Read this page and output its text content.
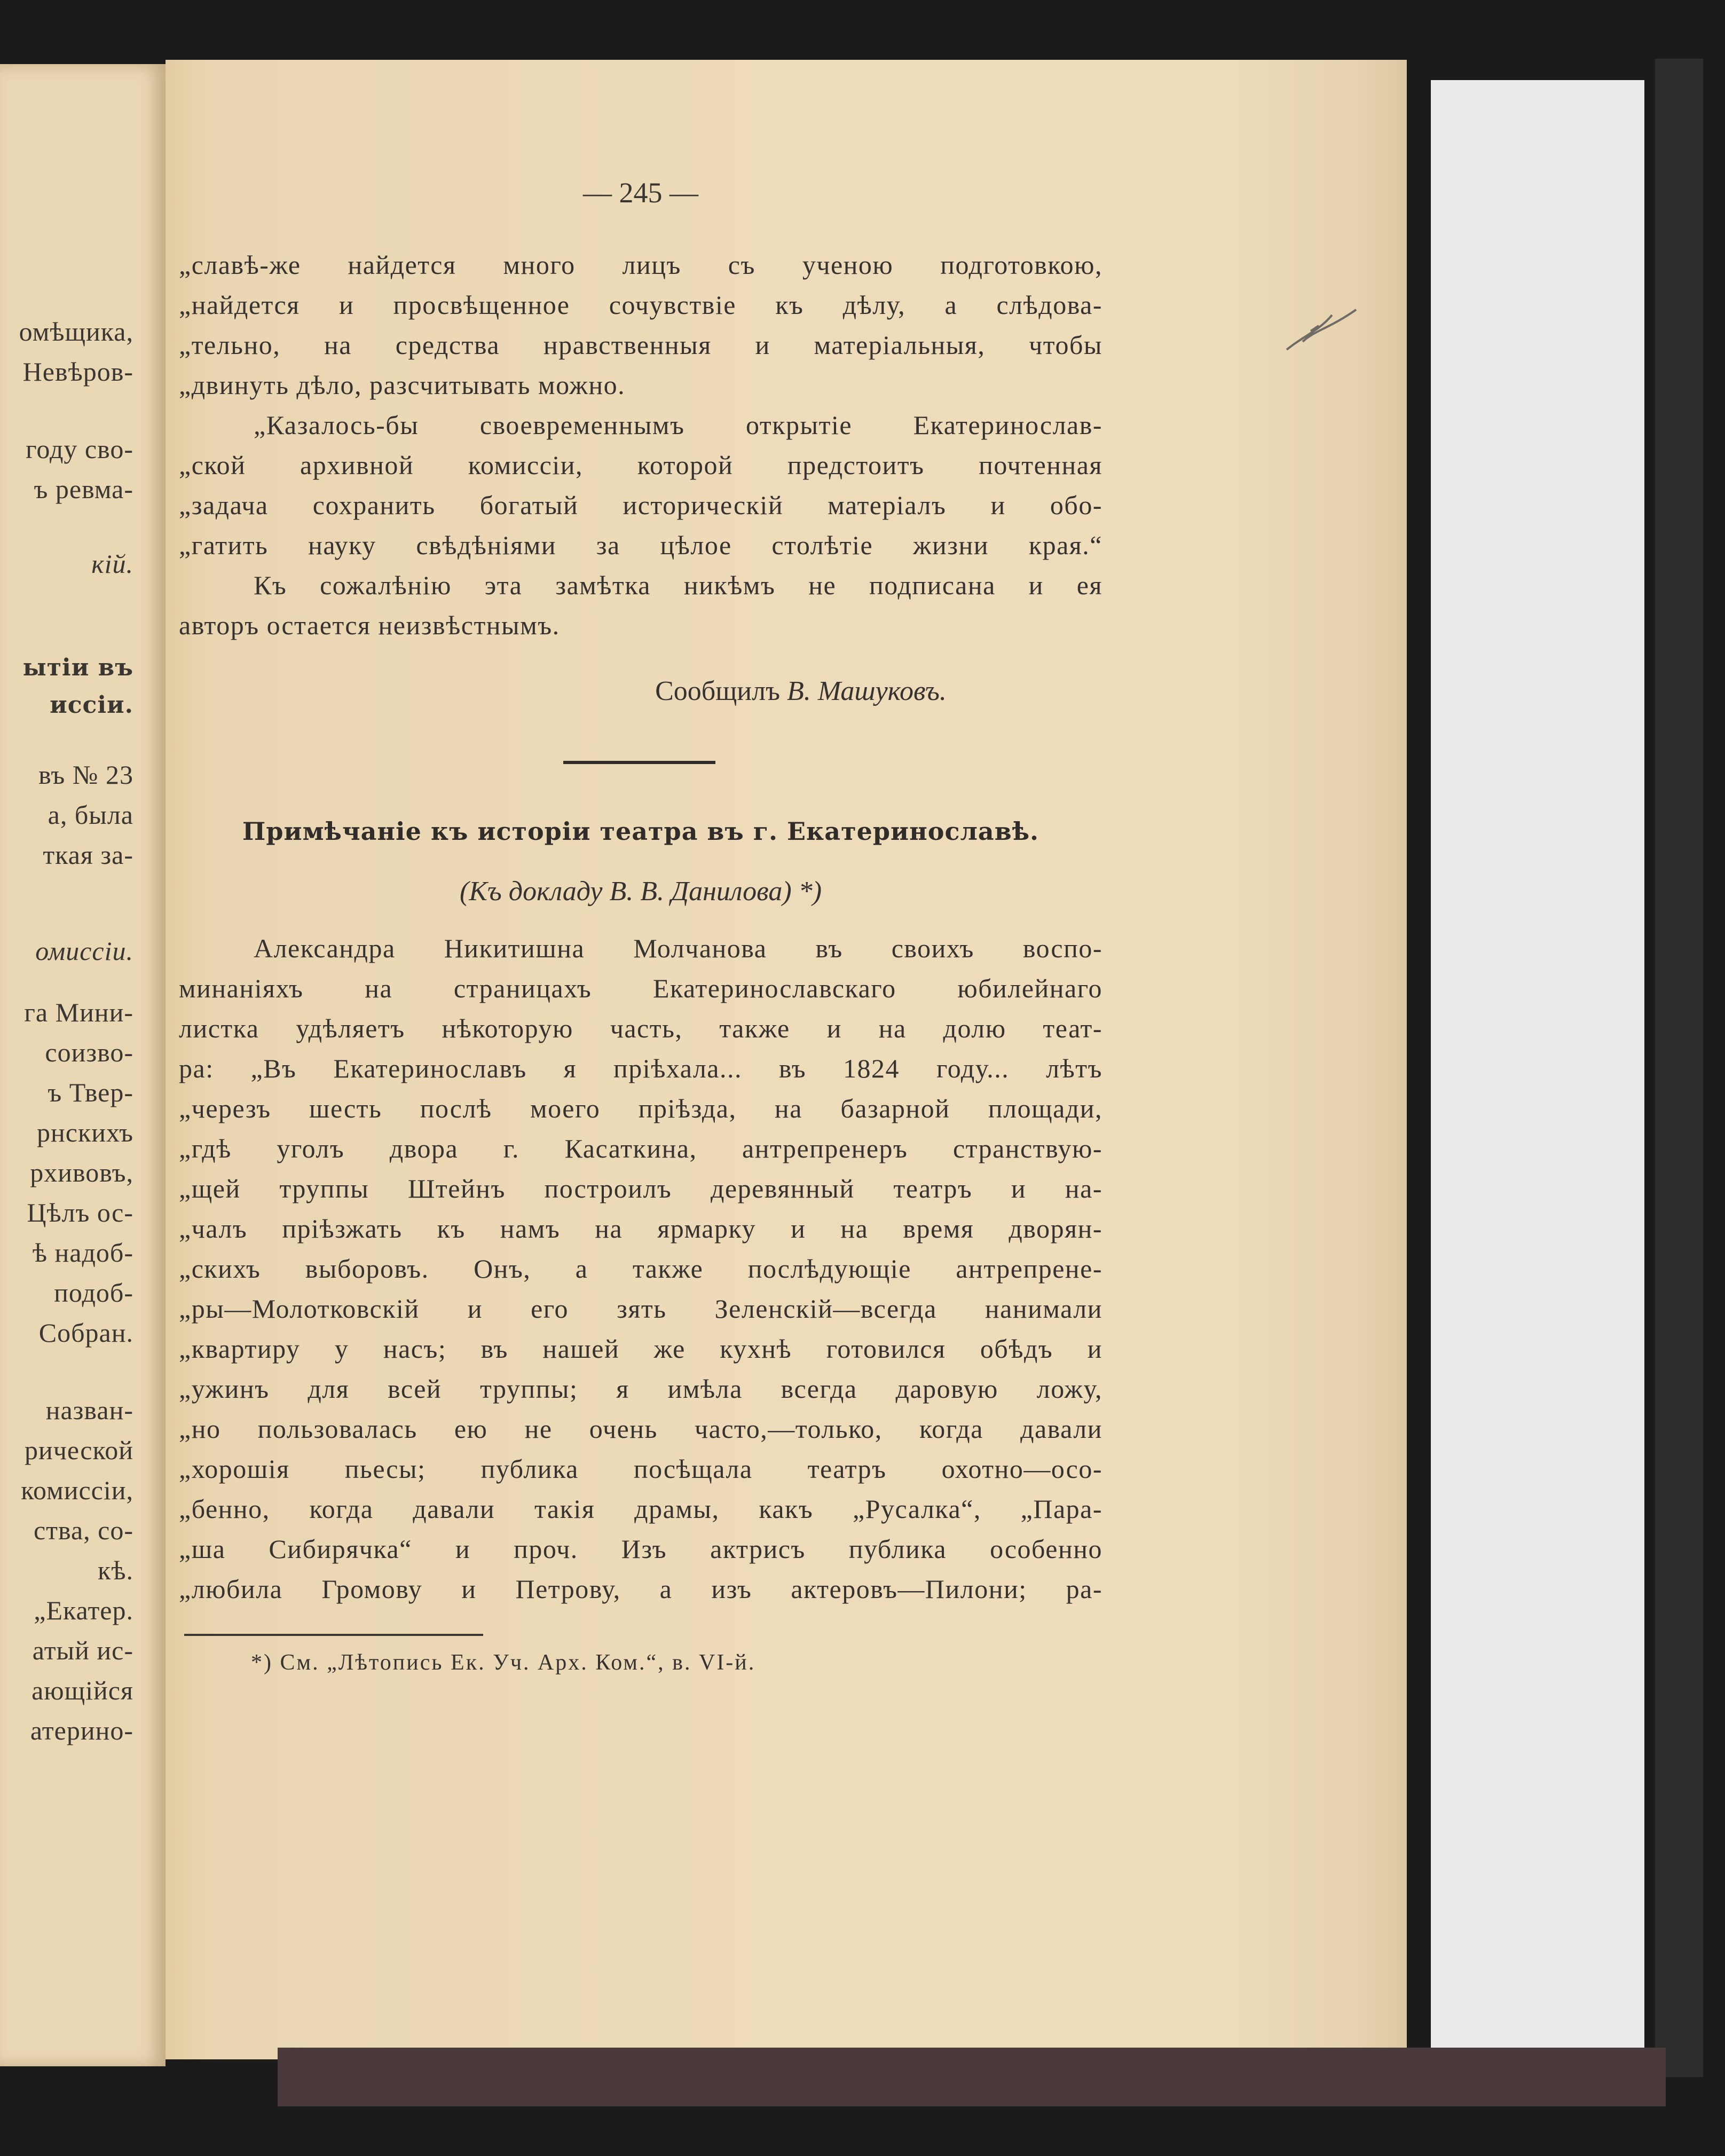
омѣщика,
Невѣров-
году сво-
ъ ревма-
кій.
ытіи въ
иссіи.
въ № 23
а, была
ткая за-
омиссіи.
га Мини-
соизво-
ъ Твер-
рнскихъ
рхивовъ,
Цѣлъ ос-
ѣ надоб-
подоб-
Собран.
назван-
рической
комиссіи,
ства, со-
кѣ.
„Екатер.
атый ис-
ающійся
атерино-
— 245 —
„славѣ-же найдется много лицъ съ ученою подготовкою,
„найдется и просвѣщенное сочувствіе къ дѣлу, а слѣдова-
„тельно, на средства нравственныя и матеріальныя, чтобы
„двинуть дѣло, разсчитывать можно.
„Казалось-бы своевременнымъ открытіе Екатеринослав-
„ской архивной комиссіи, которой предстоитъ почтенная
„задача сохранить богатый историческій матеріалъ и обо-
„гатить науку свѣдѣніями за цѣлое столѣтіе жизни края.“
Къ сожалѣнію эта замѣтка никѣмъ не подписана и ея
авторъ остается неизвѣстнымъ.
Сообщилъ В. Машуковъ.
Примѣчаніе къ исторіи театра въ г. Екатеринославѣ.
(Къ докладу В. В. Данилова) *)
Александра Никитишна Молчанова въ своихъ воспо-
минаніяхъ на страницахъ Екатеринославскаго юбилейнаго
листка удѣляетъ нѣкоторую часть, также и на долю теат-
ра: „Въ Екатеринославъ я пріѣхала... въ 1824 году... лѣтъ
„черезъ шесть послѣ моего пріѣзда, на базарной площади,
„гдѣ уголъ двора г. Касаткина, антрепренеръ странствую-
„щей труппы Штейнъ построилъ деревянный театръ и на-
„чалъ пріѣзжать къ намъ на ярмарку и на время дворян-
„скихъ выборовъ. Онъ, а также послѣдующіе антрепрене-
„ры—Молотковскій и его зять Зеленскій—всегда нанимали
„квартиру у насъ; въ нашей же кухнѣ готовился обѣдъ и
„ужинъ для всей труппы; я имѣла всегда даровую ложу,
„но пользовалась ею не очень часто,—только, когда давали
„хорошія пьесы; публика посѣщала театръ охотно—осо-
„бенно, когда давали такія драмы, какъ „Русалка“, „Пара-
„ша Сибирячка“ и проч. Изъ актрисъ публика особенно
„любила Громову и Петрову, а изъ актеровъ—Пилони; ра-
*) См. „Лѣтопись Ек. Уч. Арх. Ком.“, в. VI-й.
